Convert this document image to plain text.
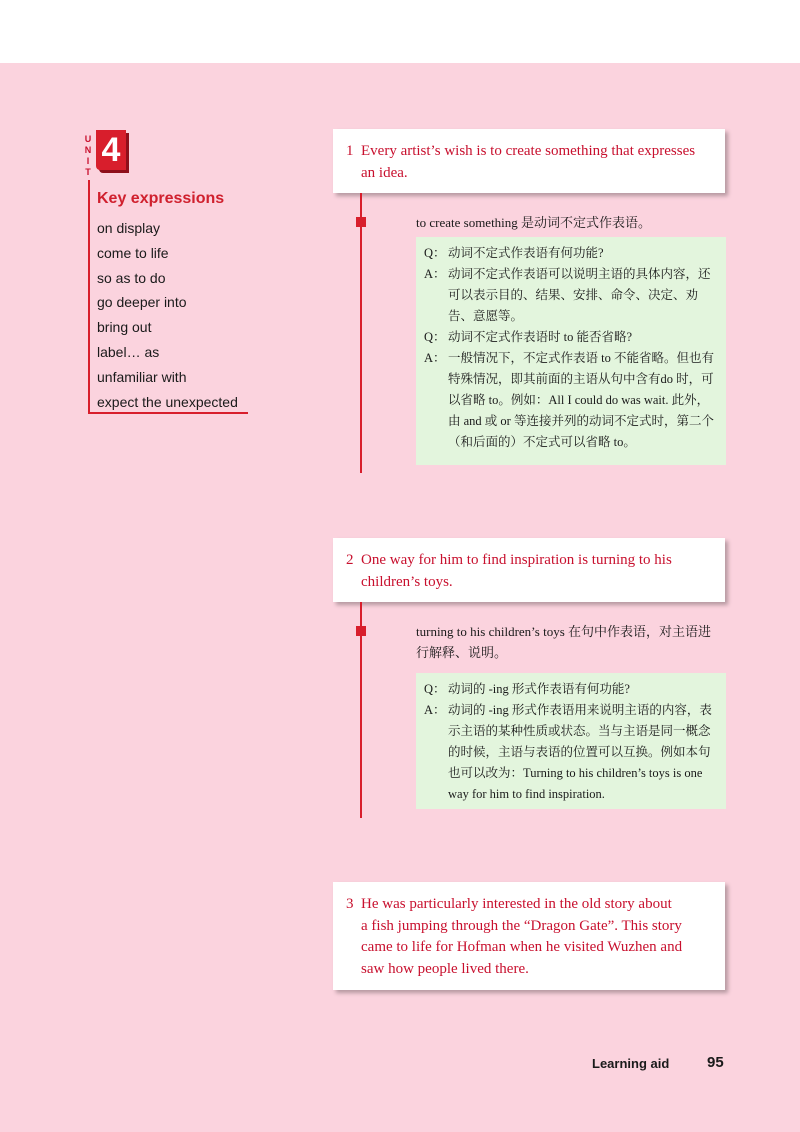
U
N
I
T
4
Key expressions
on display
come to life
so as to do
go deeper into
bring out
label… as
unfamiliar with
expect the unexpected
1 Every artist’s wish is to create something that expresses
an idea.
to create something 是动词不定式作表语。
Q： 动词不定式作表语有何功能?
A： 动词不定式作表语可以说明主语的具体内容，还可以表示目的、结果、安排、命令、决定、劝告、意愿等。
Q： 动词不定式作表语时 to 能否省略?
A： 一般情况下，不定式作表语 to 不能省略。但也有特殊情况，即其前面的主语从句中含有do 时，可以省略 to。例如：All I could do was wait. 此外，由 and 或 or 等连接并列的动词不定式时，第二个（和后面的）不定式可以省略 to。
2 One way for him to find inspiration is turning to his
children’s toys.
turning to his children’s toys 在句中作表语，对主语进
行解释、说明。
Q： 动词的 -ing 形式作表语有何功能?
A： 动词的 -ing 形式作表语用来说明主语的内容，表示主语的某种性质或状态。当与主语是同一概念的时候，主语与表语的位置可以互换。例如本句也可以改为：Turning to his children’s toys is one way for him to find inspiration.
3 He was particularly interested in the old story about
a fish jumping through the “Dragon Gate”. This story
came to life for Hofman when he visited Wuzhen and
saw how people lived there.
Learning aid	95
